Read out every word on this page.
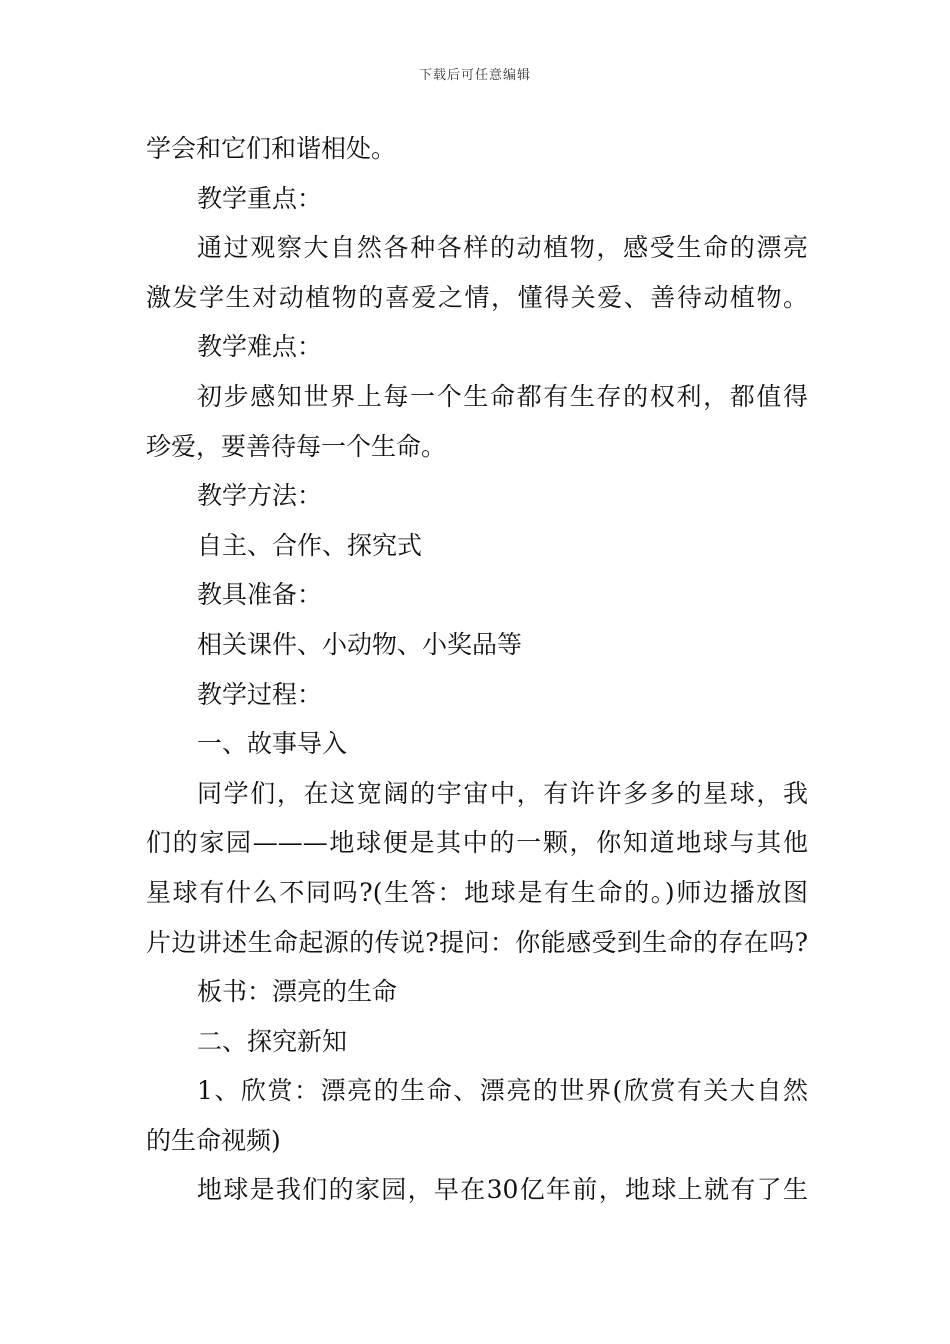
下载后可任意编辑
学会和它们和谐相处。
教学重点：
通过观察大自然各种各样的动植物，感受生命的漂亮
激发学生对动植物的喜爱之情，懂得关爱、善待动植物。
教学难点：
初步感知世界上每一个生命都有生存的权利，都值得
珍爱，要善待每一个生命。
教学方法：
自主、合作、探究式
教具准备：
相关课件、小动物、小奖品等
教学过程：
一、故事导入
同学们，在这宽阔的宇宙中，有许许多多的星球，我
们的家园———地球便是其中的一颗，你知道地球与其他
星球有什么不同吗?(生答：地球是有生命的。)师边播放图
片边讲述生命起源的传说?提问：你能感受到生命的存在吗?
板书：漂亮的生命
二、探究新知
1、欣赏：漂亮的生命、漂亮的世界(欣赏有关大自然
的生命视频)
地球是我们的家园，早在30亿年前，地球上就有了生
